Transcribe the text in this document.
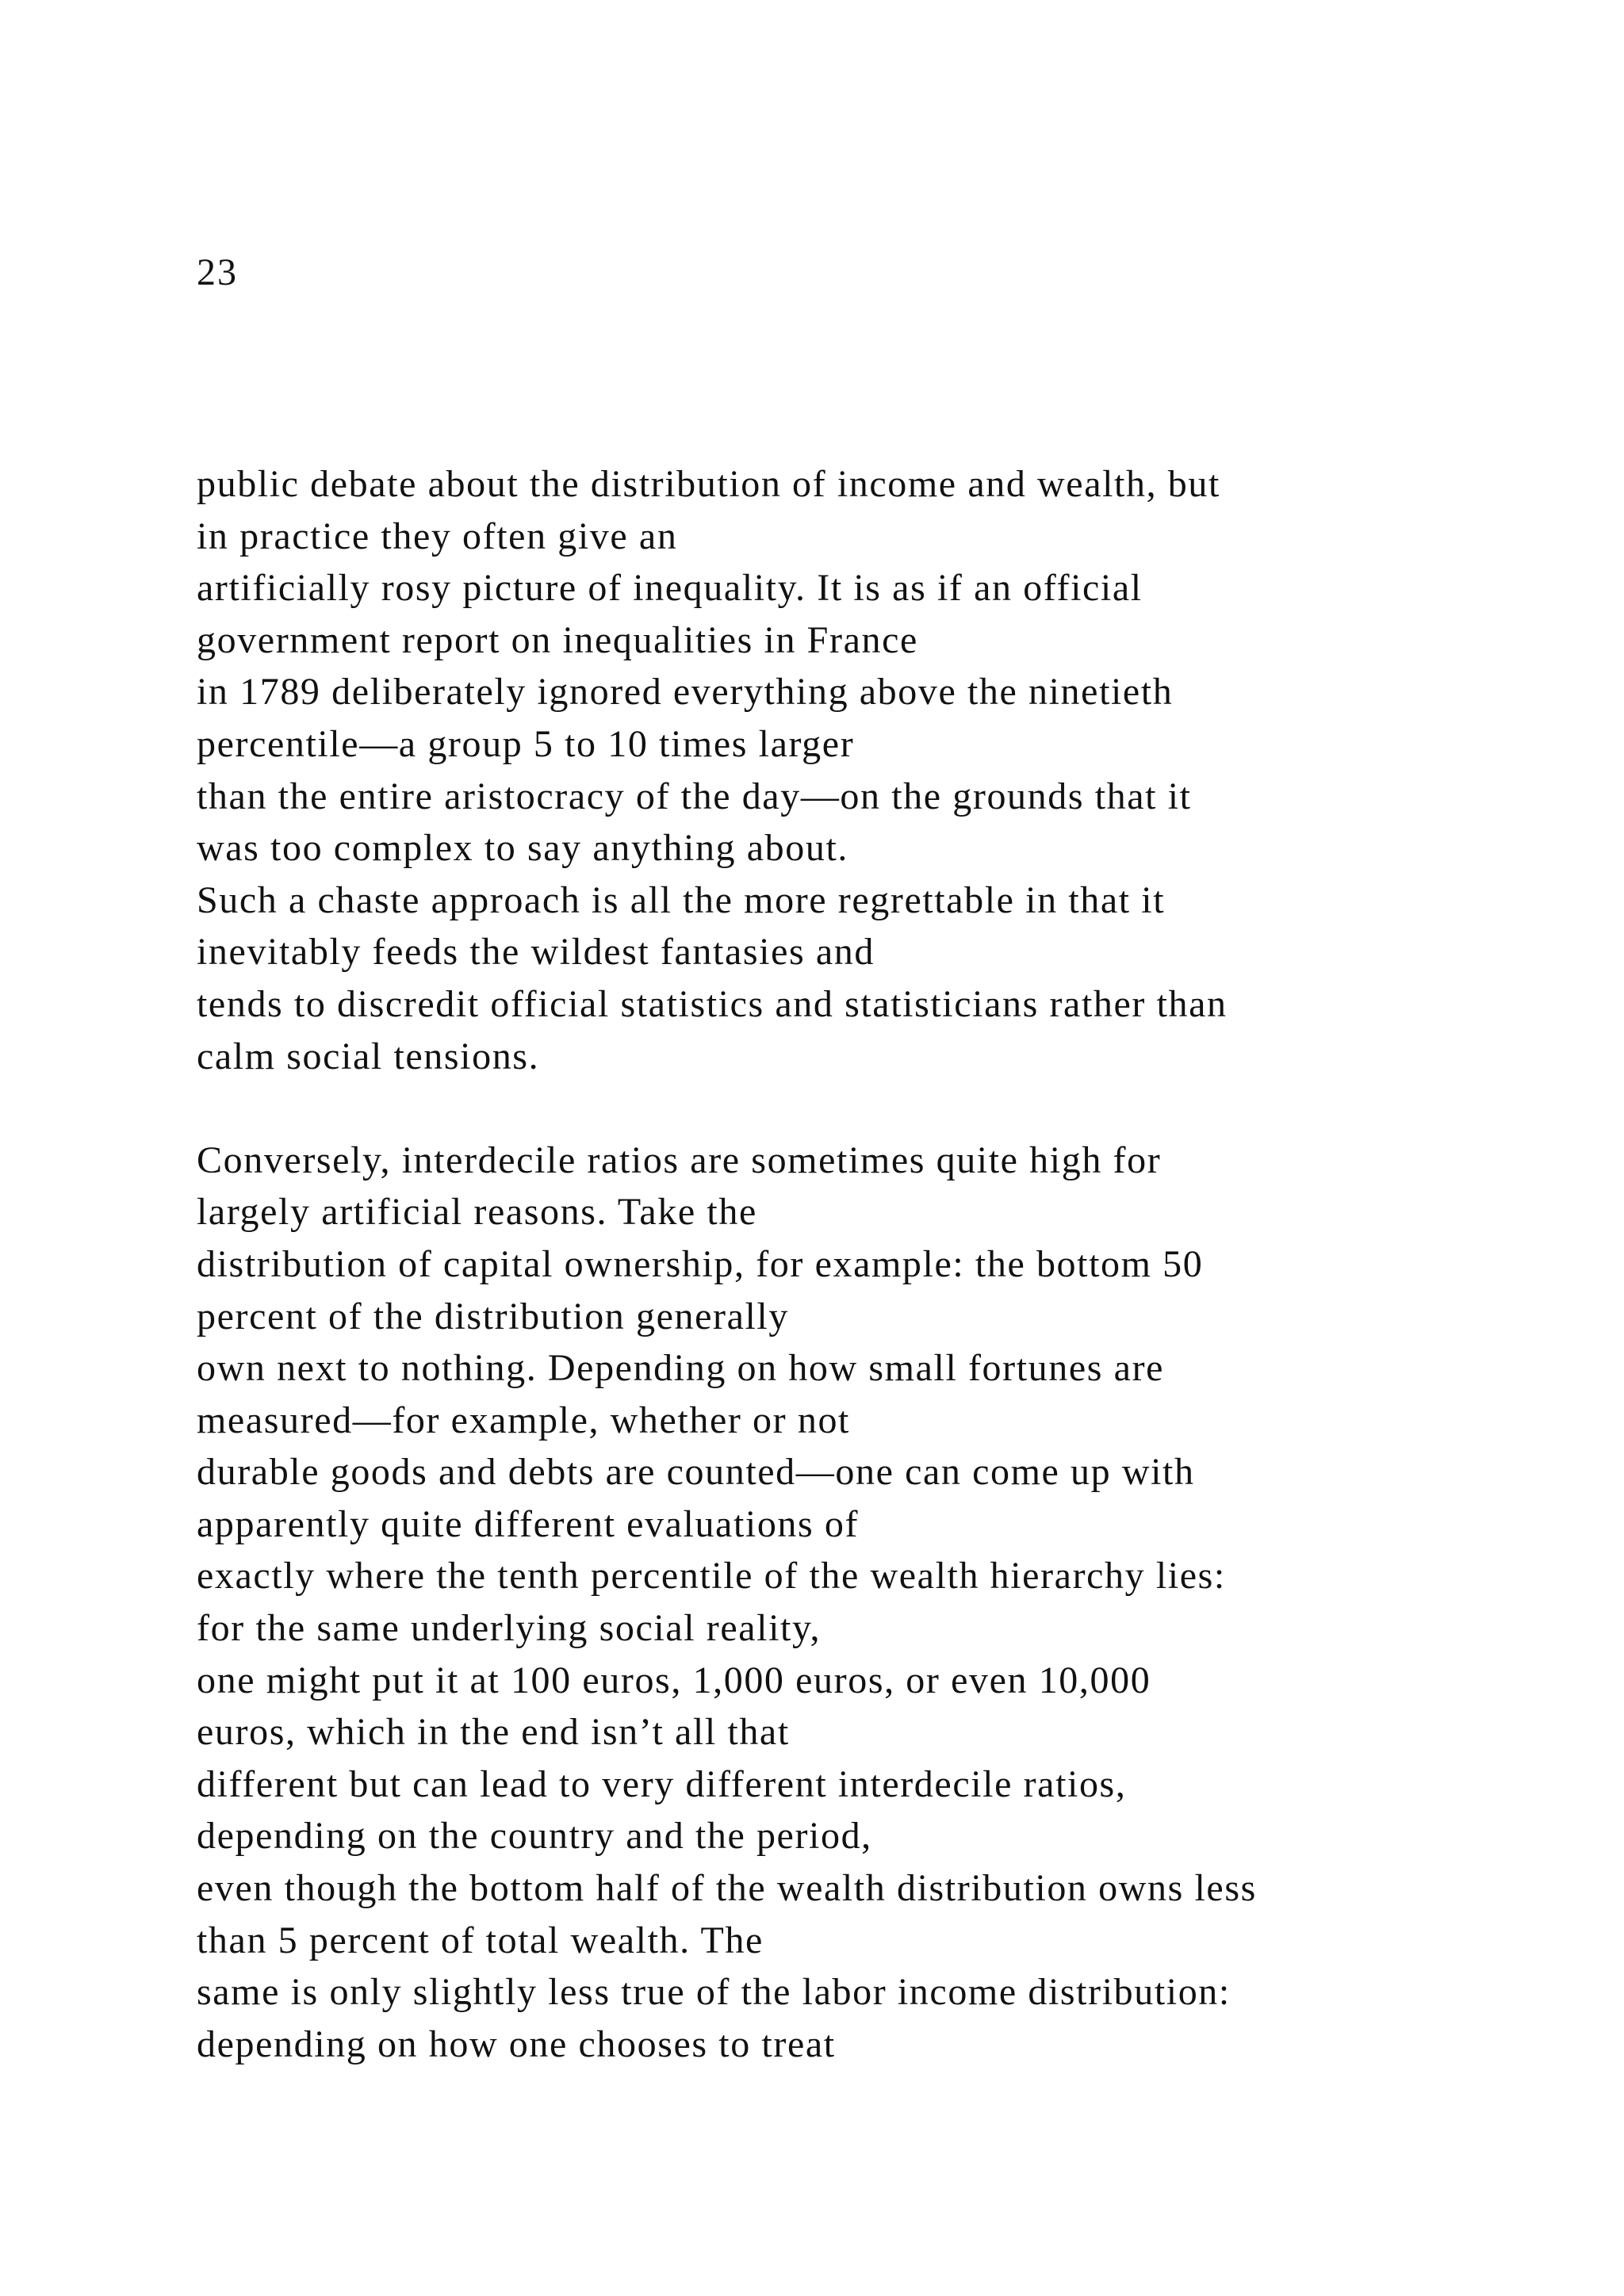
23
public debate about the distribution of income and wealth, but
in practice they often give an
artificially rosy picture of inequality. It is as if an official
government report on inequalities in France
in 1789 deliberately ignored everything above the ninetieth
percentile—a group 5 to 10 times larger
than the entire aristocracy of the day—on the grounds that it
was too complex to say anything about.
Such a chaste approach is all the more regrettable in that it
inevitably feeds the wildest fantasies and
tends to discredit official statistics and statisticians rather than
calm social tensions.
Conversely, interdecile ratios are sometimes quite high for
largely artificial reasons. Take the
distribution of capital ownership, for example: the bottom 50
percent of the distribution generally
own next to nothing. Depending on how small fortunes are
measured—for example, whether or not
durable goods and debts are counted—one can come up with
apparently quite different evaluations of
exactly where the tenth percentile of the wealth hierarchy lies:
for the same underlying social reality,
one might put it at 100 euros, 1,000 euros, or even 10,000
euros, which in the end isn’t all that
different but can lead to very different interdecile ratios,
depending on the country and the period,
even though the bottom half of the wealth distribution owns less
than 5 percent of total wealth. The
same is only slightly less true of the labor income distribution:
depending on how one chooses to treat
